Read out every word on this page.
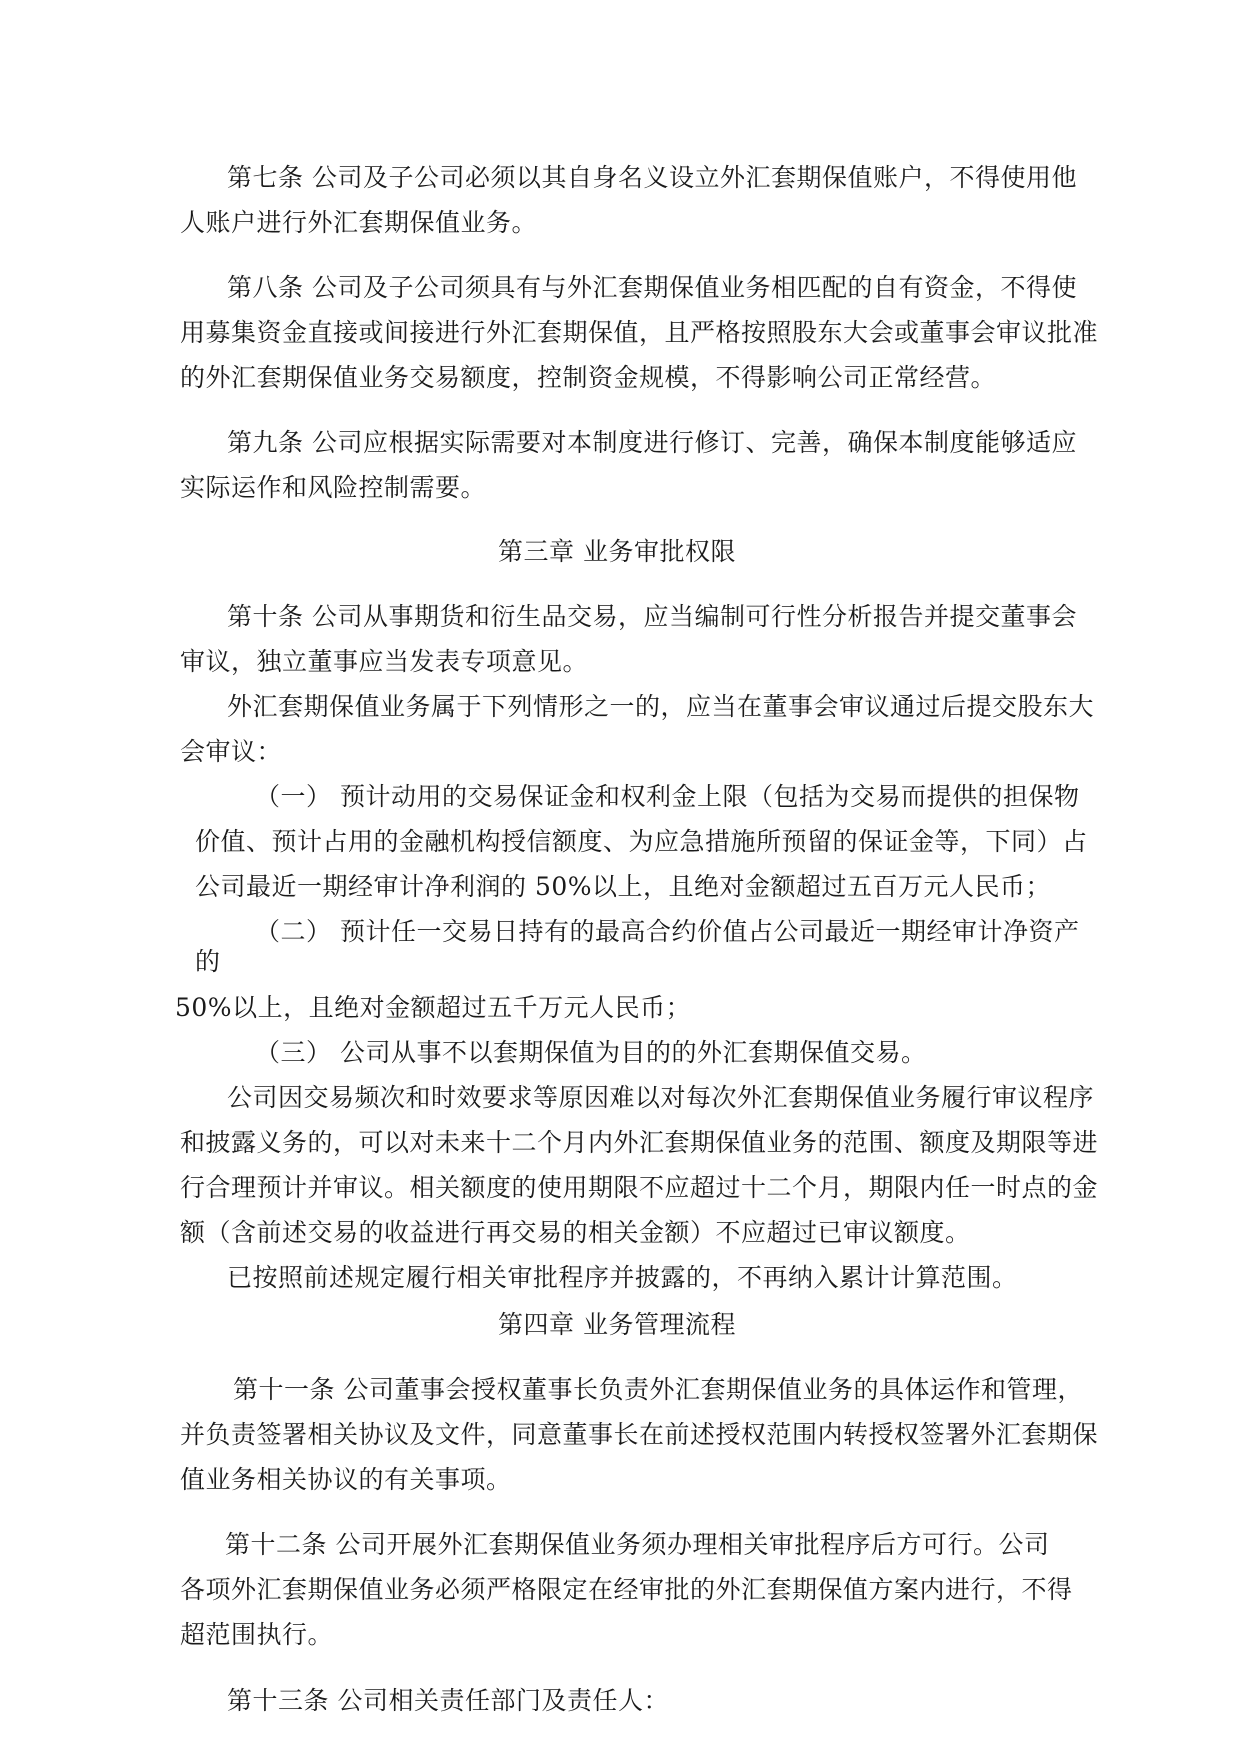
第七条 公司及子公司必须以其自身名义设立外汇套期保值账户，不得使用他
人账户进行外汇套期保值业务。
第八条 公司及子公司须具有与外汇套期保值业务相匹配的自有资金，不得使
用募集资金直接或间接进行外汇套期保值，且严格按照股东大会或董事会审议批准
的外汇套期保值业务交易额度，控制资金规模，不得影响公司正常经营。
第九条 公司应根据实际需要对本制度进行修订、完善，确保本制度能够适应
实际运作和风险控制需要。
第三章 业务审批权限
第十条 公司从事期货和衍生品交易，应当编制可行性分析报告并提交董事会
审议，独立董事应当发表专项意见。
外汇套期保值业务属于下列情形之一的，应当在董事会审议通过后提交股东大
会审议：
（一） 预计动用的交易保证金和权利金上限（包括为交易而提供的担保物
价值、预计占用的金融机构授信额度、为应急措施所预留的保证金等，下同）占
公司最近一期经审计净利润的 50%以上，且绝对金额超过五百万元人民币；
（二） 预计任一交易日持有的最高合约价值占公司最近一期经审计净资产
的
50%以上，且绝对金额超过五千万元人民币；
（三） 公司从事不以套期保值为目的的外汇套期保值交易。
公司因交易频次和时效要求等原因难以对每次外汇套期保值业务履行审议程序
和披露义务的，可以对未来十二个月内外汇套期保值业务的范围、额度及期限等进
行合理预计并审议。相关额度的使用期限不应超过十二个月，期限内任一时点的金
额（含前述交易的收益进行再交易的相关金额）不应超过已审议额度。
已按照前述规定履行相关审批程序并披露的，不再纳入累计计算范围。
第四章 业务管理流程
第十一条 公司董事会授权董事长负责外汇套期保值业务的具体运作和管理，
并负责签署相关协议及文件，同意董事长在前述授权范围内转授权签署外汇套期保
值业务相关协议的有关事项。
第十二条 公司开展外汇套期保值业务须办理相关审批程序后方可行。公司
各项外汇套期保值业务必须严格限定在经审批的外汇套期保值方案内进行，不得
超范围执行。
第十三条 公司相关责任部门及责任人：
